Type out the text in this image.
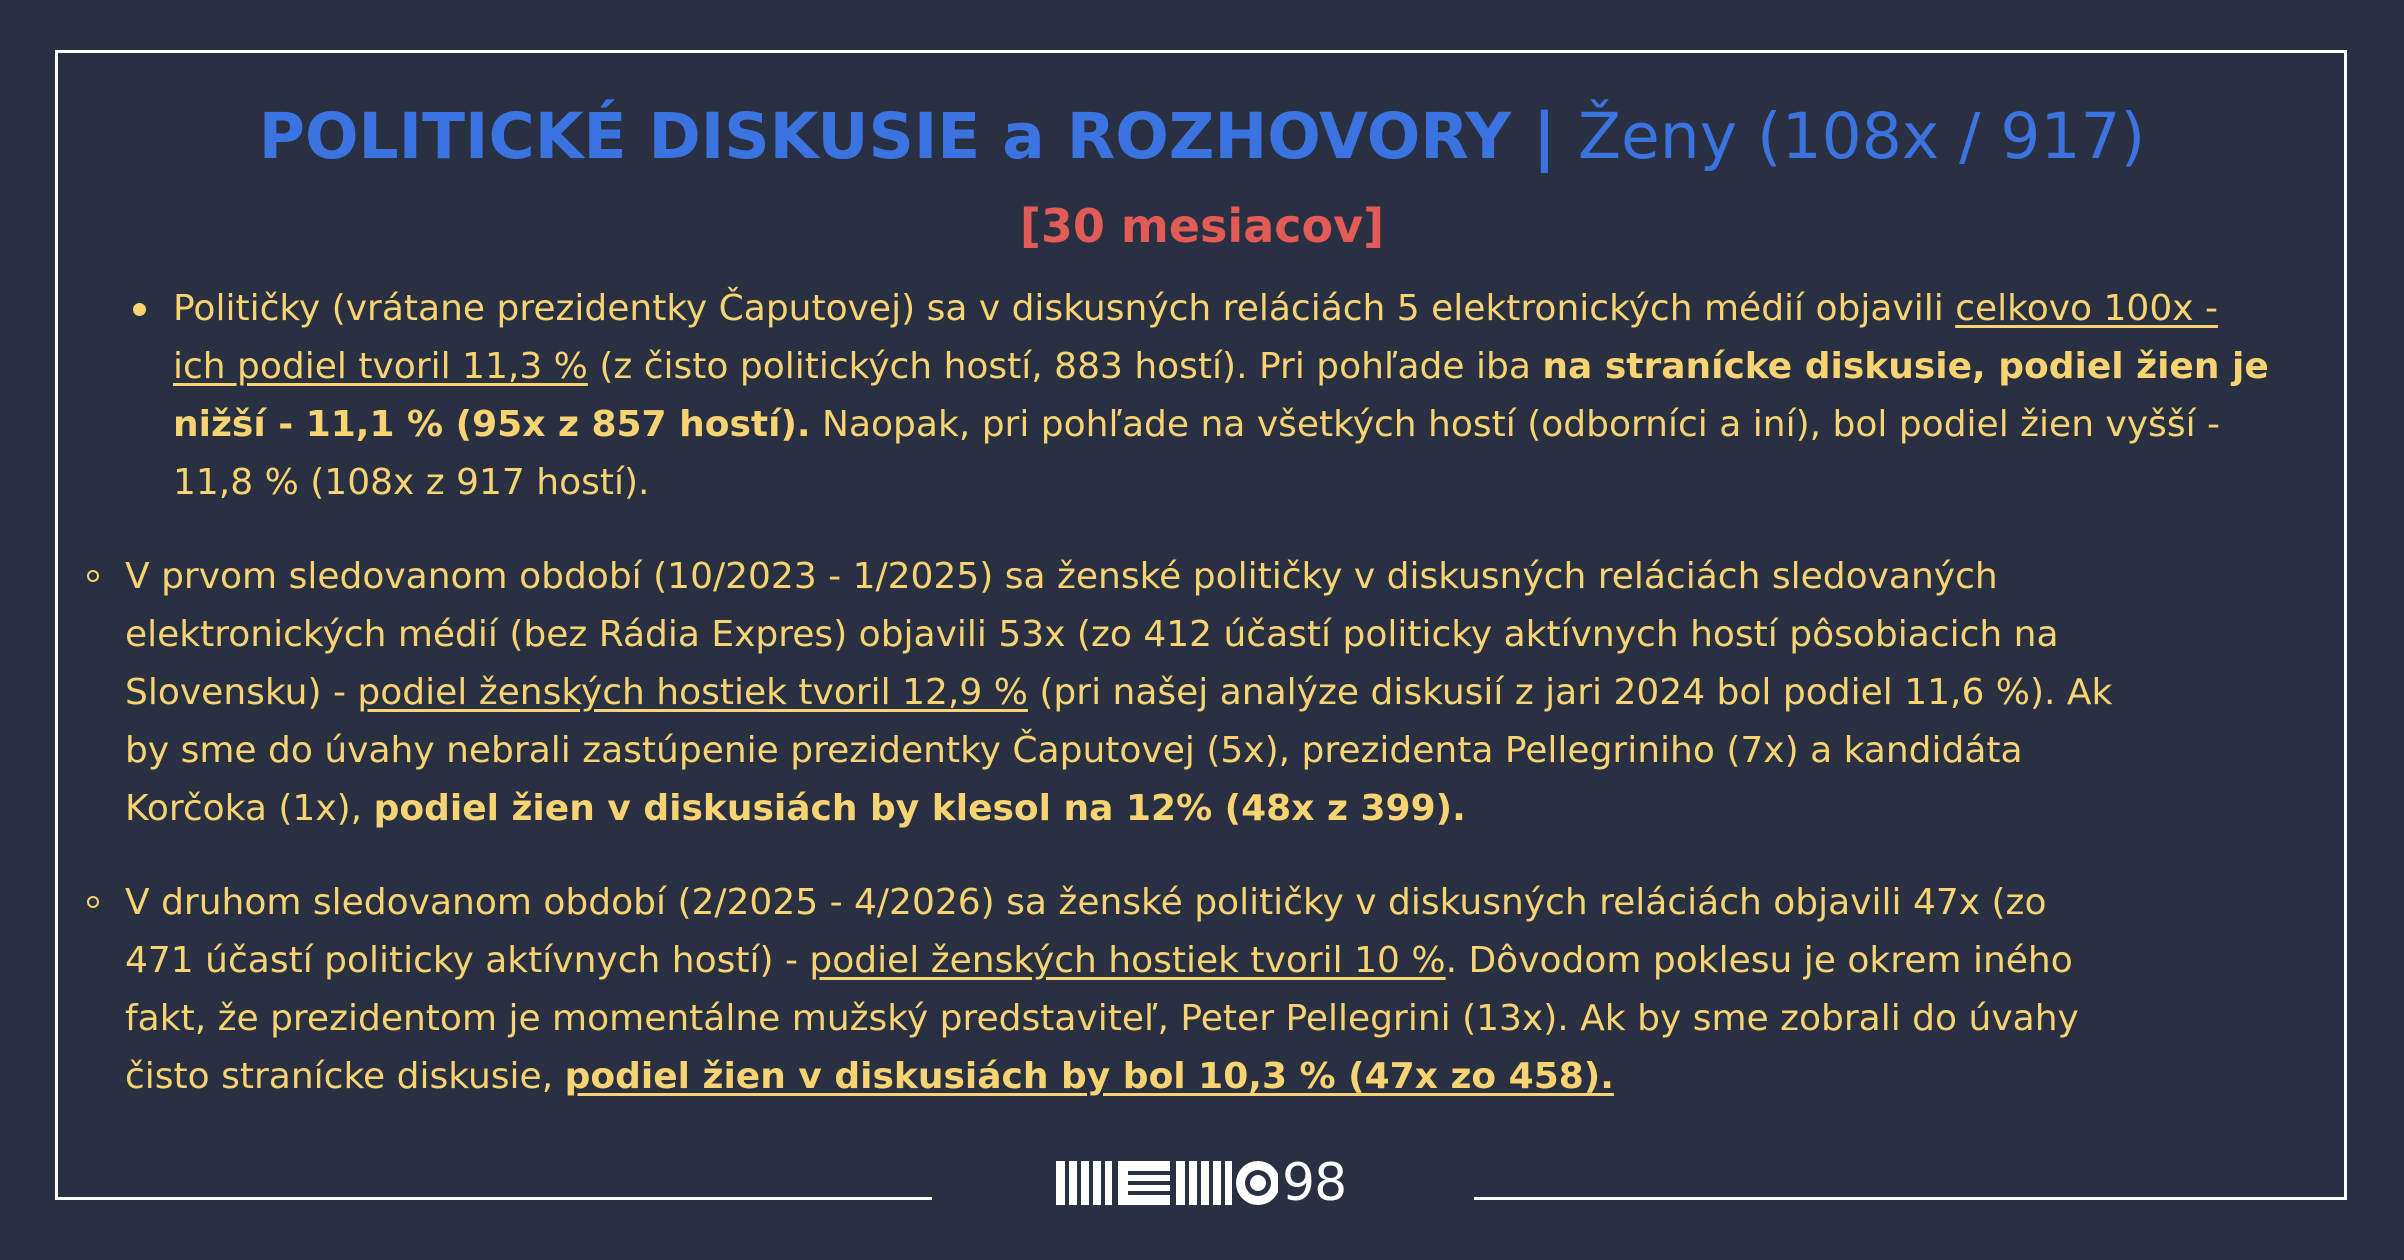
POLITICKÉ DISKUSIE a ROZHOVORY | Ženy (108x / 917)
[30 mesiacov]

Političky (vrátane prezidentky Čaputovej) sa v diskusných reláciách 5 elektronických médií objavili celkovo 100x - ich podiel tvoril 11,3 % (z čisto politických hostí, 883 hostí). Pri pohľade iba na stranícke diskusie, podiel žien je nižší - 11,1 % (95x z 857 hostí). Naopak, pri pohľade na všetkých hostí (odborníci a iní), bol podiel žien vyšší - 11,8 % (108x z 917 hostí).

V prvom sledovanom období (10/2023 - 1/2025) sa ženské političky v diskusných reláciách sledovaných elektronických médií (bez Rádia Expres) objavili 53x (zo 412 účastí politicky aktívnych hostí pôsobiacich na Slovensku) - podiel ženských hostiek tvoril 12,9 % (pri našej analýze diskusií z jari 2024 bol podiel 11,6 %). Ak by sme do úvahy nebrali zastúpenie prezidentky Čaputovej (5x), prezidenta Pellegriniho (7x) a kandidáta Korčoka (1x), podiel žien v diskusiách by klesol na 12% (48x z 399).

V druhom sledovanom období (2/2025 - 4/2026) sa ženské političky v diskusných reláciách objavili 47x (zo 471 účastí politicky aktívnych hostí) - podiel ženských hostiek tvoril 10 %. Dôvodom poklesu je okrem iného fakt, že prezidentom je momentálne mužský predstaviteľ, Peter Pellegrini (13x). Ak by sme zobrali do úvahy čisto stranícke diskusie, podiel žien v diskusiách by bol 10,3 % (47x zo 458).

98
